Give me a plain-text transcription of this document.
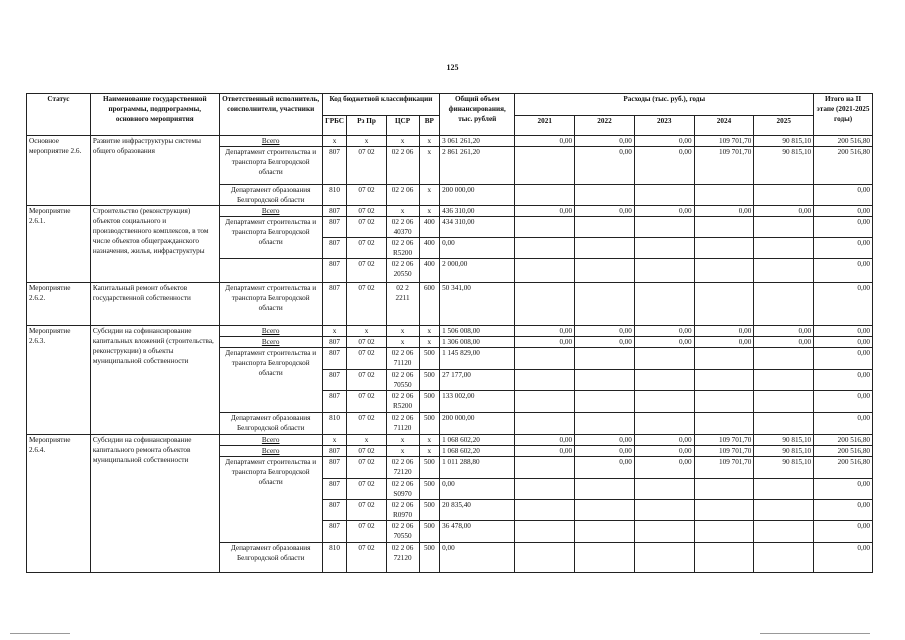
125
Статус	Наименование государственной программы, подпрограммы, основного мероприятия	Ответственный исполнитель, соисполнители, участники	Код бюджетной классификации				Общий объем финансирования, тыс. рублей	Расходы (тыс. руб.), годы					Итого на II этапе (2021-2025 годы)
			ГРБС	Рз Пр	ЦСР	ВР		2021	2022	2023	2024	2025	

Основное мероприятие 2.6.	Развитие инфраструктуры системы общего образования	Всего	x	x	x	x	3 061 261,20	0,00	0,00	0,00	109 701,70	90 815,10	200 516,80
		Департамент строительства и транспорта Белгородской области	807	07 02	02 2 06	x	2 861 261,20		0,00	0,00	109 701,70	90 815,10	200 516,80
		Департамент образования Белгородской области	810	07 02	02 2 06	x	200 000,00						0,00
Мероприятие 2.6.1.	Строительство (реконструкция) объектов социального и производственного комплексов, в том числе объектов общегражданского назначения, жилья, инфраструктуры	Всего	807	07 02	x	x	436 310,00	0,00	0,00	0,00	0,00	0,00	0,00
		Департамент строительства и транспорта Белгородской области	807	07 02	02 2 06 40370	400	434 310,00						0,00
			807	07 02	02 2 06 R5200	400	0,00						0,00
			807	07 02	02 2 06 20550	400	2 000,00						0,00
Мероприятие 2.6.2.	Капитальный ремонт объектов государственной собственности	Департамент строительства и транспорта Белгородской области	807	07 02	02 2 2211	600	50 341,00						0,00
Мероприятие 2.6.3.	Субсидии на софинансирование капитальных вложений (строительства, реконструкции) в объекты муниципальной собственности	Всего	x	x	x	x	1 506 008,00	0,00	0,00	0,00	0,00	0,00	0,00
		Всего	807	07 02	x	x	1 306 008,00	0,00	0,00	0,00	0,00	0,00	0,00
		Департамент строительства и транспорта Белгородской области	807	07 02	02 2 06 71120	500	1 145 829,00						0,00
			807	07 02	02 2 06 70550	500	27 177,00						0,00
			807	07 02	02 2 06 R5200	500	133 002,00						0,00
		Департамент образования Белгородской области	810	07 02	02 2 06 71120	500	200 000,00						0,00
Мероприятие 2.6.4.	Субсидии на софинансирование капитального ремонта объектов муниципальной собственности	Всего	x	x	x	x	1 068 602,20	0,00	0,00	0,00	109 701,70	90 815,10	200 516,80
		Всего	807	07 02	x	x	1 068 602,20	0,00	0,00	0,00	109 701,70	90 815,10	200 516,80
		Департамент строительства и транспорта Белгородской области	807	07 02	02 2 06 72120	500	1 011 288,80		0,00	0,00	109 701,70	90 815,10	200 516,80
			807	07 02	02 2 06 S0970	500	0,00						0,00
			807	07 02	02 2 06 R0970	500	20 835,40						0,00
			807	07 02	02 2 06 70550	500	36 478,00						0,00
		Департамент образования Белгородской области	810	07 02	02 2 06 72120	500	0,00						0,00
